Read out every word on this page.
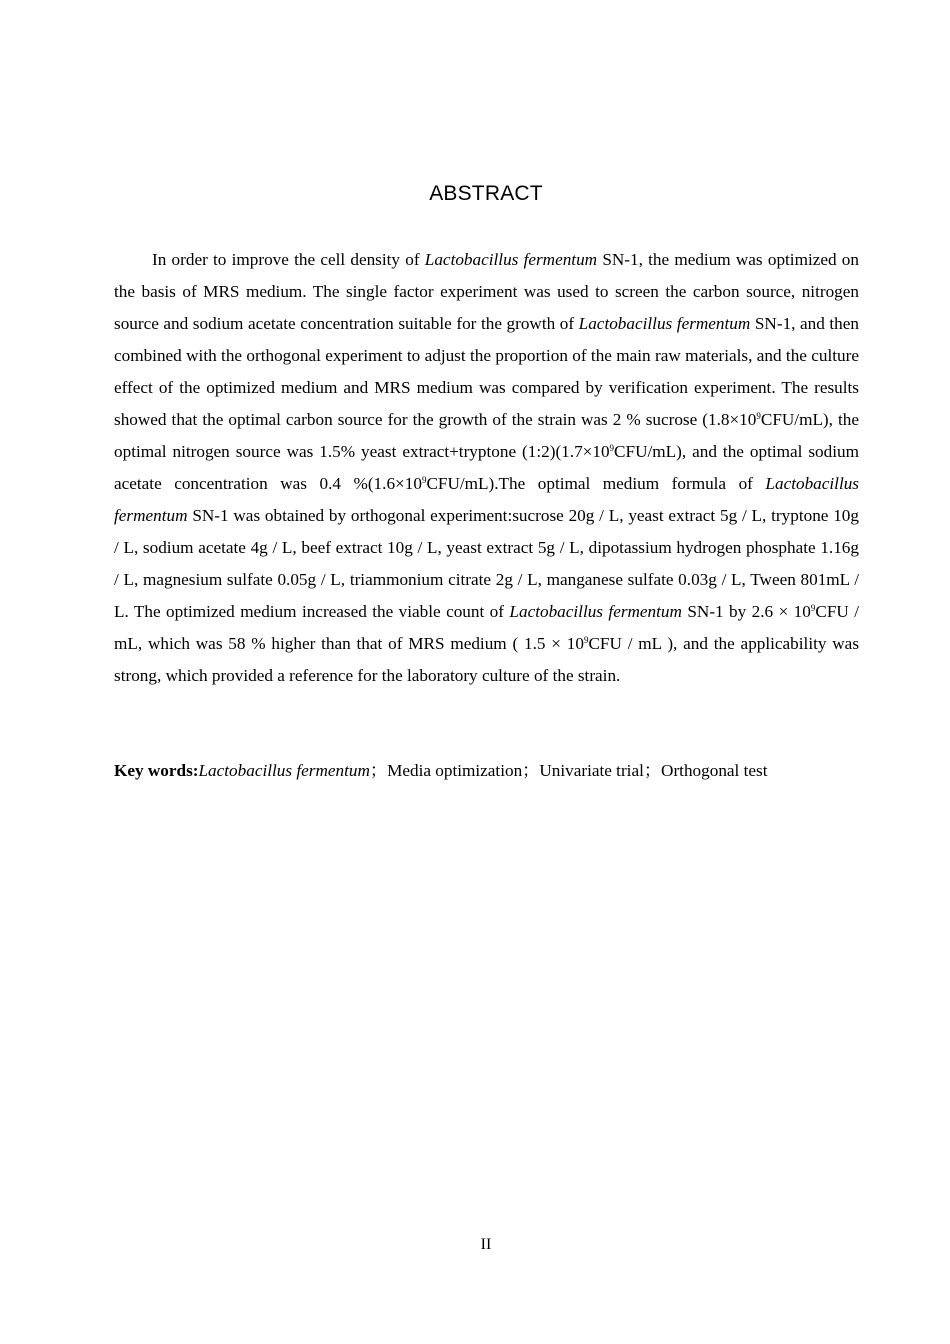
ABSTRACT

In order to improve the cell density of Lactobacillus fermentum SN-1, the medium was optimized on the basis of MRS medium. The single factor experiment was used to screen the carbon source, nitrogen source and sodium acetate concentration suitable for the growth of Lactobacillus fermentum SN-1, and then combined with the orthogonal experiment to adjust the proportion of the main raw materials, and the culture effect of the optimized medium and MRS medium was compared by verification experiment. The results showed that the optimal carbon source for the growth of the strain was 2 % sucrose $(1.8\times 10^9CFU/mL)$, the optimal nitrogen source was 1.5% yeast extract+tryptone $(1:2)(1.7\times 10^9CFU/mL)$, and the optimal sodium acetate concentration was 0.4 $\%(1.6\times 10^9CFU/mL).The$ optimal medium formula of Lactobacillus fermentum SN-1 was obtained by orthogonal experiment:sucrose 20g / L, yeast extract 5g / L, tryptone 10g / L, sodium acetate 4g / L, beef extract 10g / L, yeast extract 5g / L, dipotassium hydrogen phosphate 1.16g / L, magnesium sulfate 0.05g / L, triammonium citrate 2g / L, manganese sulfate 0.03g / L, Tween 801mL / L. The optimized medium increased the viable count of Lactobacillus fermentum SN-1 by $2.6 \times 10^9CFU$ / mL, which was 58 % higher than that of MRS medium ( $1.5 \times 10^9CFU$ / mL ), and the applicability was strong, which provided a reference for the laboratory culture of the strain.

Key words:Lactobacillus fermentum；Media optimization；Univariate trial；Orthogonal test

II
